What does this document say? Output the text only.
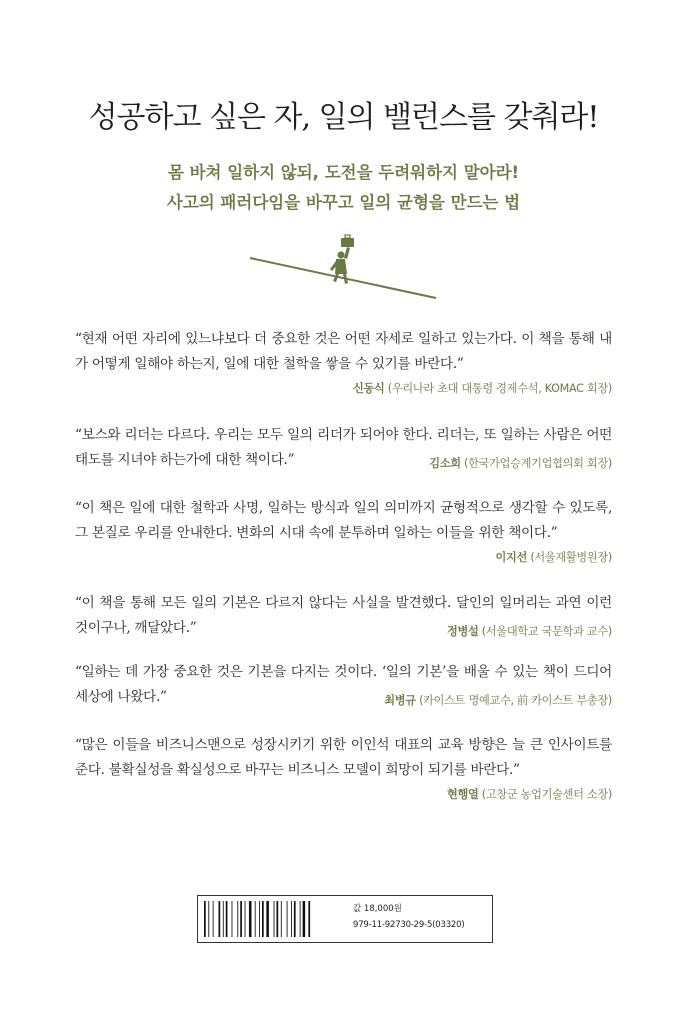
성공하고 싶은 자, 일의 밸런스를 갖춰라!
몸 바쳐 일하지 않되, 도전을 두려워하지 말아라!
사고의 패러다임을 바꾸고 일의 균형을 만드는 법
“현재 어떤 자리에 있느냐보다 더 중요한 것은 어떤 자세로 일하고 있는가다. 이 책을 통해 내가 어떻게 일해야 하는지, 일에 대한 철학을 쌓을 수 있기를 바란다.”
신동식 (우리나라 초대 대통령 경제수석, KOMAC 회장)
“보스와 리더는 다르다. 우리는 모두 일의 리더가 되어야 한다. 리더는, 또 일하는 사람은 어떤 태도를 지녀야 하는가에 대한 책이다.”	김소희 (한국가업승계기업협의회 회장)
“이 책은 일에 대한 철학과 사명, 일하는 방식과 일의 의미까지 균형적으로 생각할 수 있도록, 그 본질로 우리를 안내한다. 변화의 시대 속에 분투하며 일하는 이들을 위한 책이다.”
이지선 (서울재활병원장)
“이 책을 통해 모든 일의 기본은 다르지 않다는 사실을 발견했다. 달인의 일머리는 과연 이런 것이구나, 깨달았다.”	정병설 (서울대학교 국문학과 교수)
“일하는 데 가장 중요한 것은 기본을 다지는 것이다. ‘일의 기본’을 배울 수 있는 책이 드디어 세상에 나왔다.”	최병규 (카이스트 명예교수, 前 카이스트 부총장)
“많은 이들을 비즈니스맨으로 성장시키기 위한 이인석 대표의 교육 방향은 늘 큰 인사이트를 준다. 불확실성을 확실성으로 바꾸는 비즈니스 모델이 희망이 되기를 바란다.”
현행열 (고창군 농업기술센터 소장)
값 18,000원
979-11-92730-29-5(03320)
